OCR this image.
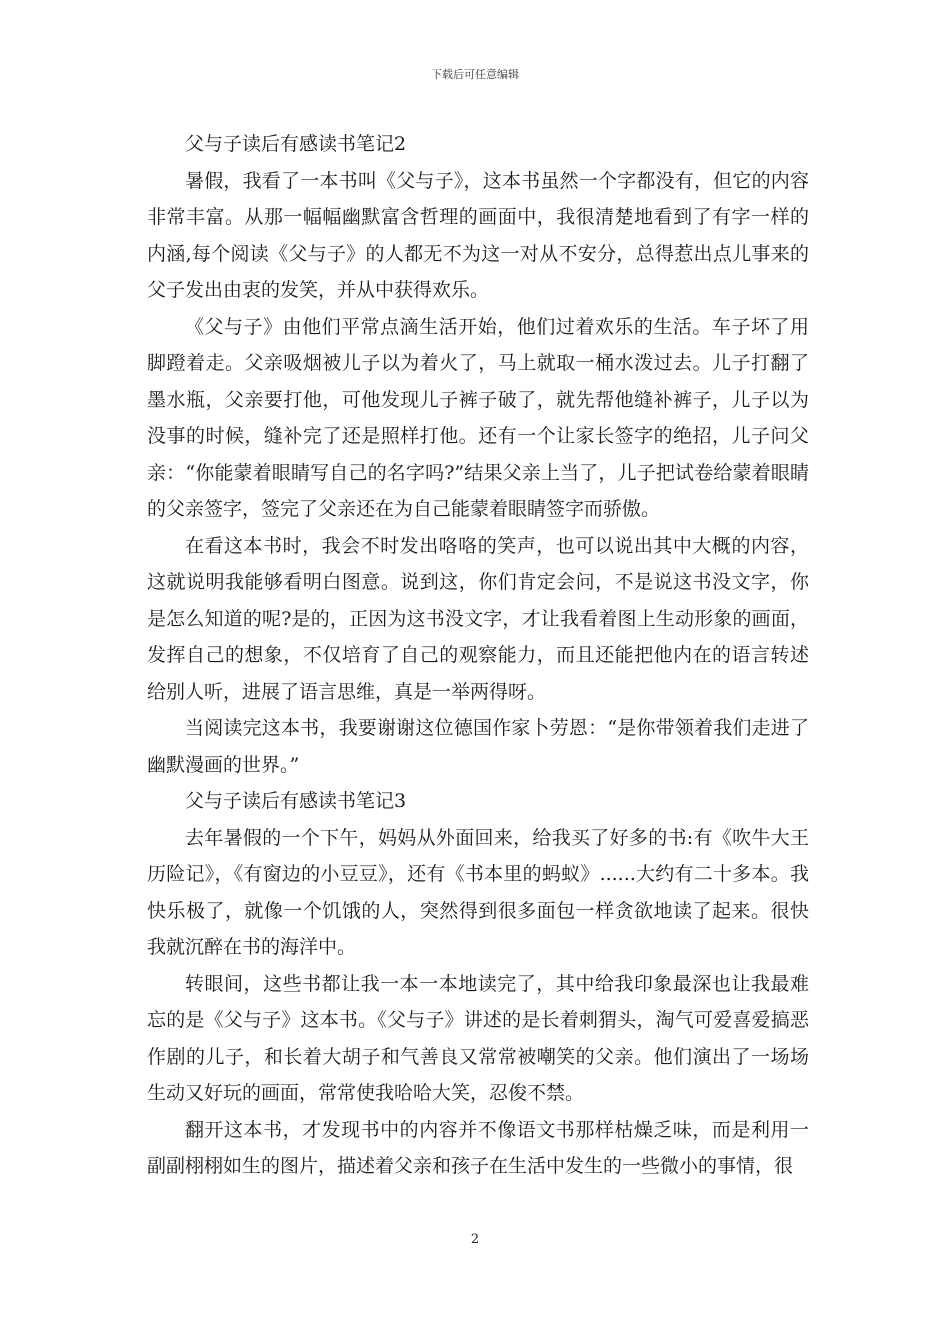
下载后可任意编辑

父与子读后有感读书笔记2

暑假，我看了一本书叫《父与子》，这本书虽然一个字都没有，但它的内容非常丰富。从那一幅幅幽默富含哲理的画面中，我很清楚地看到了有字一样的内涵,每个阅读《父与子》的人都无不为这一对从不安分，总得惹出点儿事来的父子发出由衷的发笑，并从中获得欢乐。

《父与子》由他们平常点滴生活开始，他们过着欢乐的生活。车子坏了用脚蹬着走。父亲吸烟被儿子以为着火了，马上就取一桶水泼过去。儿子打翻了墨水瓶，父亲要打他，可他发现儿子裤子破了，就先帮他缝补裤子，儿子以为没事的时候，缝补完了还是照样打他。还有一个让家长签字的绝招，儿子问父亲：“你能蒙着眼睛写自己的名字吗?”结果父亲上当了，儿子把试卷给蒙着眼睛的父亲签字，签完了父亲还在为自己能蒙着眼睛签字而骄傲。

在看这本书时，我会不时发出咯咯的笑声，也可以说出其中大概的内容，这就说明我能够看明白图意。说到这，你们肯定会问，不是说这书没文字，你是怎么知道的呢?是的，正因为这书没文字，才让我看着图上生动形象的画面，发挥自己的想象，不仅培育了自己的观察能力，而且还能把他内在的语言转述给别人听，进展了语言思维，真是一举两得呀。

当阅读完这本书，我要谢谢这位德国作家卜劳恩：“是你带领着我们走进了幽默漫画的世界。”

父与子读后有感读书笔记3

去年暑假的一个下午，妈妈从外面回来，给我买了好多的书:有《吹牛大王历险记》，《有窗边的小豆豆》，还有《书本里的蚂蚁》......大约有二十多本。我快乐极了，就像一个饥饿的人，突然得到很多面包一样贪欲地读了起来。很快我就沉醉在书的海洋中。

转眼间，这些书都让我一本一本地读完了，其中给我印象最深也让我最难忘的是《父与子》这本书。《父与子》讲述的是长着刺猬头，淘气可爱喜爱搞恶作剧的儿子，和长着大胡子和气善良又常常被嘲笑的父亲。他们演出了一场场生动又好玩的画面，常常使我哈哈大笑，忍俊不禁。

翻开这本书，才发现书中的内容并不像语文书那样枯燥乏味，而是利用一副副栩栩如生的图片，描述着父亲和孩子在生活中发生的一些微小的事情，很

2
